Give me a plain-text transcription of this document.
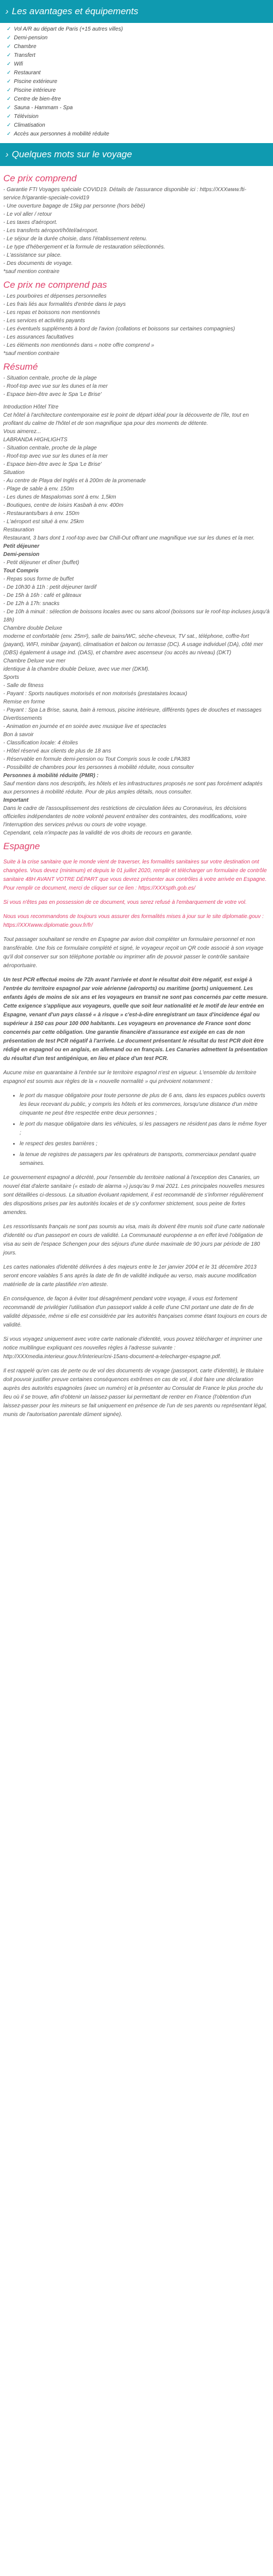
› Les avantages et équipements
✓ Vol A/R au départ de Paris (+15 autres villes)
✓ Demi-pension
✓ Chambre
✓ Transfert
✓ Wifi
✓ Restaurant
✓ Piscine extérieure
✓ Piscine intérieure
✓ Centre de bien-être
✓ Sauna - Hammam - Spa
✓ Télévision
✓ Climatisation
✓ Accès aux personnes à mobilité réduite
› Quelques mots sur le voyage
Ce prix comprend
- Garantie FTI Voyages spéciale COVID19. Détails de l'assurance disponible ici : https://XXXwww.fti-service.fr/garantie-speciale-covid19
- Une ouverture bagage de 15kg par personne (hors bébé)
- Le vol aller / retour
- Les taxes d'aéroport.
- Les transferts aéroport/hôtel/aéroport.
- Le séjour de la durée choisie, dans l'établissement retenu.
- Le type d'hébergement et la formule de restauration sélectionnés.
- L'assistance sur place.
- Des documents de voyage.
*sauf mention contraire
Ce prix ne comprend pas
- Les pourboires et dépenses personnelles
- Les frais liés aux formalités d'entrée dans le pays
- Les repas et boissons non mentionnés
- Les services et activités payants
- Les éventuels suppléments à bord de l'avion (collations et boissons sur certaines compagnies)
- Les assurances facultatives
- Les éléments non mentionnés dans « notre offre comprend »
*sauf mention contraire
Résumé
- Situation centrale, proche de la plage
- Roof-top avec vue sur les dunes et la mer
- Espace bien-être avec le Spa 'Le Brise'
Introduction Hôtel Titre
Cet hôtel à l'architecture contemporaine est le point de départ idéal pour la découverte de l'île, tout en profitant du calme de l'hôtel et de son magnifique spa pour des moments de détente.
Vous aimerez...
LABRANDA HIGHLIGHTS
- Situation centrale, proche de la plage
- Roof-top avec vue sur les dunes et la mer
- Espace bien-être avec le Spa 'Le Brise'
Situation
- Au centre de Playa del Inglés et à 200m de la promenade
- Plage de sable à env. 150m
- Les dunes de Maspalomas sont à env. 1,5km
- Boutiques, centre de loisirs Kasbah à env. 400m
- Restaurants/bars à env. 150m
- L'aéroport est situé à env. 25km
Restauration
Restaurant, 3 bars dont 1 roof-top avec bar Chill-Out offrant une magnifique vue sur les dunes et la mer.
Petit déjeuner
Demi-pension
- Petit déjeuner et dîner (buffet)
Tout Compris
- Repas sous forme de buffet
- De 10h30 à 11h : petit déjeuner tardif
- De 15h à 16h : café et gâteaux
- De 12h à 17h: snacks
- De 10h à minuit : sélection de boissons locales avec ou sans alcool (boissons sur le roof-top incluses jusqu'à 18h)
Chambre double Deluxe
moderne et confortable (env. 25m²), salle de bains/WC, sèche-cheveux, TV sat., téléphone, coffre-fort (payant), WIFI, minibar (payant), climatisation et balcon ou terrasse (DC). A usage individuel (DA), côté mer (DBS) également à usage ind. (DAS), et chambre avec ascenseur (ou accès au niveau) (DKT)
Chambre Deluxe vue mer
identique à la chambre double Deluxe, avec vue mer (DKM).
Sports
- Salle de fitness
- Payant : Sports nautiques motorisés et non motorisés (prestataires locaux)
Remise en forme
- Payant : Spa La Brise, sauna, bain à remous, piscine intérieure, différents types de douches et massages
Divertissements
- Animation en journée et en soirée avec musique live et spectacles
Bon à savoir
- Classification locale: 4 étoiles
- Hôtel réservé aux clients de plus de 18 ans
- Réservable en formule demi-pension ou Tout Compris sous le code LPA383
- Possibilité de chambres pour les personnes à mobilité réduite, nous consulter
Personnes à mobilité réduite (PMR) :
Sauf mention dans nos descriptifs, les hôtels et les infrastructures proposés ne sont pas forcément adaptés aux personnes à mobilité réduite. Pour de plus amples détails, nous consulter.
Important
Dans le cadre de l'assouplissement des restrictions de circulation liées au Coronavirus, les décisions officielles indépendantes de notre volonté peuvent entraîner des contraintes, des modifications, voire l'interruption des services prévus ou cours de votre voyage.
Cependant, cela n'impacte pas la validité de vos droits de recours en garantie.
Espagne

Suite à la crise sanitaire que le monde vient de traverser, les formalités sanitaires sur votre destination ont changées. Vous devez (minimum) et depuis le 01 juillet 2020, remplir et télécharger un formulaire de contrôle sanitaire 48H AVANT VOTRE DÉPART que vous devrez présenter aux contrôles à votre arrivée en Espagne. Pour remplir ce document, merci de cliquer sur ce lien : https://XXXspth.gob.es/

Si vous n'êtes pas en possession de ce document, vous serez refusé à l'embarquement de votre vol.

Nous vous recommandons de toujours vous assurer des formalités mises à jour sur le site diplomatie.gouv : https://XXXwww.diplomatie.gouv.fr/fr/

Tout passager souhaitant se rendre en Espagne par avion doit compléter un formulaire personnel et non transférable. Une fois ce formulaire complété et signé, le voyageur reçoit un QR code associé à son voyage qu'il doit conserver sur son téléphone portable ou imprimer afin de pouvoir passer le contrôle sanitaire aéroportuaire.

Un test PCR effectué moins de 72h avant l'arrivée et dont le résultat doit être négatif, est exigé à l'entrée du territoire espagnol par voie aérienne (aéroports) ou maritime (ports) uniquement. Les enfants âgés de moins de six ans et les voyageurs en transit ne sont pas concernés par cette mesure. Cette exigence s'applique aux voyageurs, quelle que soit leur nationalité et le motif de leur entrée en Espagne, venant d'un pays classé « à risque » c'est-à-dire enregistrant un taux d'incidence égal ou supérieur à 150 cas pour 100 000 habitants. Les voyageurs en provenance de France sont donc concernés par cette obligation. Une garantie financière d'assurance est exigée en cas de non présentation de test PCR négatif à l'arrivée. Le document présentant le résultat du test PCR doit être rédigé en espagnol ou en anglais, en allemand ou en français. Les Canaries admettent la présentation du résultat d'un test antigénique, en lieu et place d'un test PCR.

Aucune mise en quarantaine à l'entrée sur le territoire espagnol n'est en vigueur. L'ensemble du territoire espagnol est soumis aux règles de la « nouvelle normalité » qui prévoient notamment :

• le port du masque obligatoire pour toute personne de plus de 6 ans, dans les espaces publics ouverts les lieux recevant du public, y compris les hôtels et les commerces, lorsqu'une distance d'un mètre cinquante ne peut être respectée entre deux personnes ;
• le port du masque obligatoire dans les véhicules, si les passagers ne résident pas dans le même foyer ;
• le respect des gestes barrières ;
• la tenue de registres de passagers par les opérateurs de transports, commerciaux pendant quatre semaines.

Le gouvernement espagnol a décrété, pour l'ensemble du territoire national à l'exception des Canaries, un nouvel état d'alerte sanitaire (« estado de alarma ») jusqu'au 9 mai 2021. Les principales nouvelles mesures sont détaillées ci-dessous. La situation évoluant rapidement, il est recommandé de s'informer régulièrement des dispositions prises par les autorités locales et de s'y conformer strictement, sous peine de fortes amendes.

Les ressortissants français ne sont pas soumis au visa, mais ils doivent être munis soit d'une carte nationale d'identité ou d'un passeport en cours de validité. La Communauté européenne a en effet levé l'obligation de visa au sein de l'espace Schengen pour des séjours d'une durée maximale de 90 jours par période de 180 jours.

Les cartes nationales d'identité délivrées à des majeurs entre le 1er janvier 2004 et le 31 décembre 2013 seront encore valables 5 ans après la date de fin de validité indiquée au verso, mais aucune modification matérielle de la carte plastifiée n'en atteste.

En conséquence, de façon à éviter tout désagrément pendant votre voyage, il vous est fortement recommandé de privilégier l'utilisation d'un passeport valide à celle d'une CNI portant une date de fin de validité dépassée, même si elle est considérée par les autorités françaises comme étant toujours en cours de validité.

Si vous voyagez uniquement avec votre carte nationale d'identité, vous pouvez télécharger et imprimer une notice multilingue expliquant ces nouvelles règles à l'adresse suivante : http://XXXmedia.interieur.gouv.fr/interieur/cni-15ans-document-a-telecharger-espagne.pdf.

Il est rappelé qu'en cas de perte ou de vol des documents de voyage (passeport, carte d'identité), le titulaire doit pouvoir justifier preuve certaines conséquences extrêmes en cas de vol, il doit faire une déclaration auprès des autorités espagnoles (avec un numéro) et la présenter au Consulat de France le plus proche du lieu où il se trouve, afin d'obtenir un laissez-passer lui permettant de rentrer en France (l'obtention d'un laissez-passer pour les mineurs se fait uniquement en présence de l'un de ses parents ou représentant légal, munis de l'autorisation parentale dûment signée).
